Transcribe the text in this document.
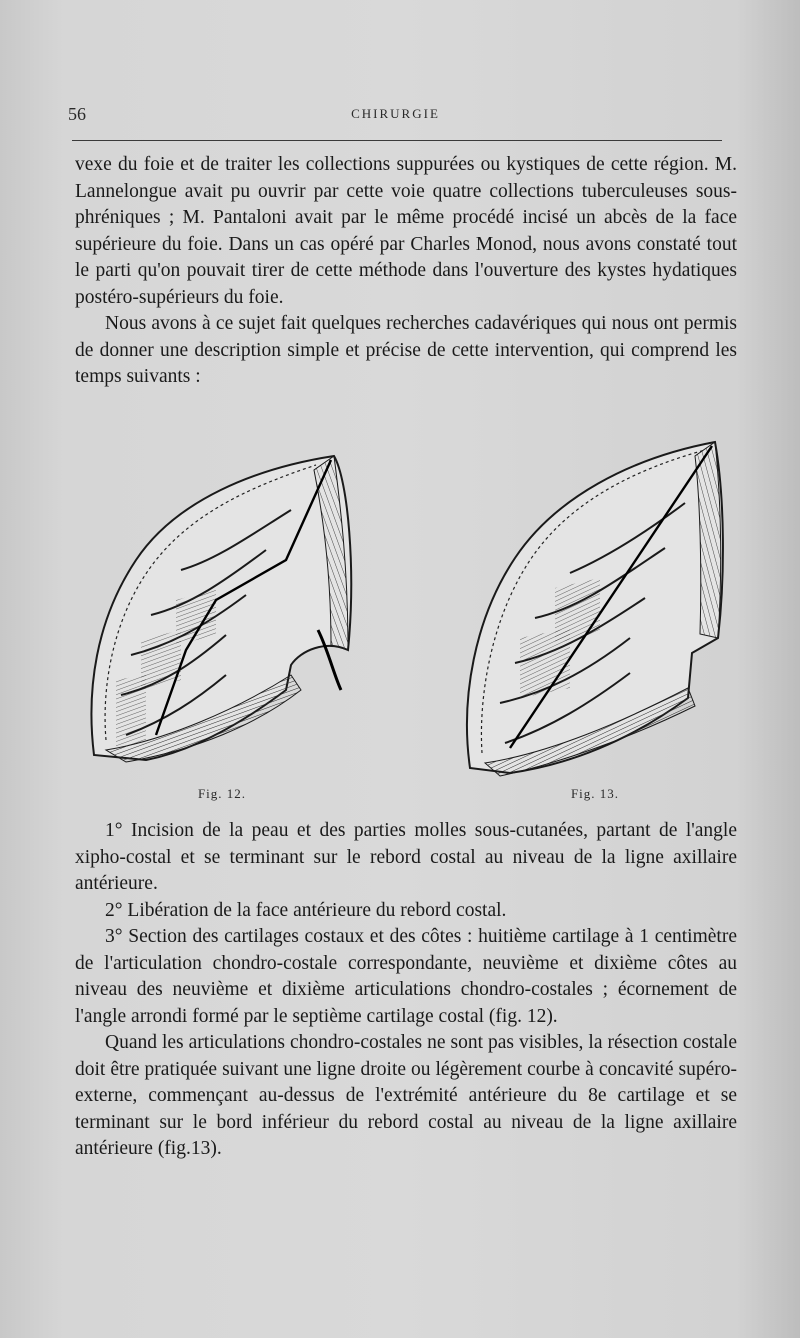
56	CHIRURGIE

vexe du foie et de traiter les collections suppurées ou kystiques de cette région. M. Lannelongue avait pu ouvrir par cette voie quatre collections tuberculeuses sous-phréniques ; M. Pantaloni avait par le même procédé incisé un abcès de la face supérieure du foie. Dans un cas opéré par Charles Monod, nous avons constaté tout le parti qu'on pouvait tirer de cette méthode dans l'ouverture des kystes hydatiques postéro-supérieurs du foie.

Nous avons à ce sujet fait quelques recherches cadavériques qui nous ont permis de donner une description simple et précise de cette intervention, qui comprend les temps suivants :

Fig. 12.	Fig. 13.

1° Incision de la peau et des parties molles sous-cutanées, partant de l'angle xipho-costal et se terminant sur le rebord costal au niveau de la ligne axillaire antérieure.

2° Libération de la face antérieure du rebord costal.

3° Section des cartilages costaux et des côtes : huitième cartilage à 1 centimètre de l'articulation chondro-costale correspondante, neuvième et dixième côtes au niveau des neuvième et dixième articulations chondro-costales ; écornement de l'angle arrondi formé par le septième cartilage costal (fig. 12).

Quand les articulations chondro-costales ne sont pas visibles, la résection costale doit être pratiquée suivant une ligne droite ou légèrement courbe à concavité supéro-externe, commençant au-dessus de l'extrémité antérieure du 8e cartilage et se terminant sur le bord inférieur du rebord costal au niveau de la ligne axillaire antérieure (fig.13).
